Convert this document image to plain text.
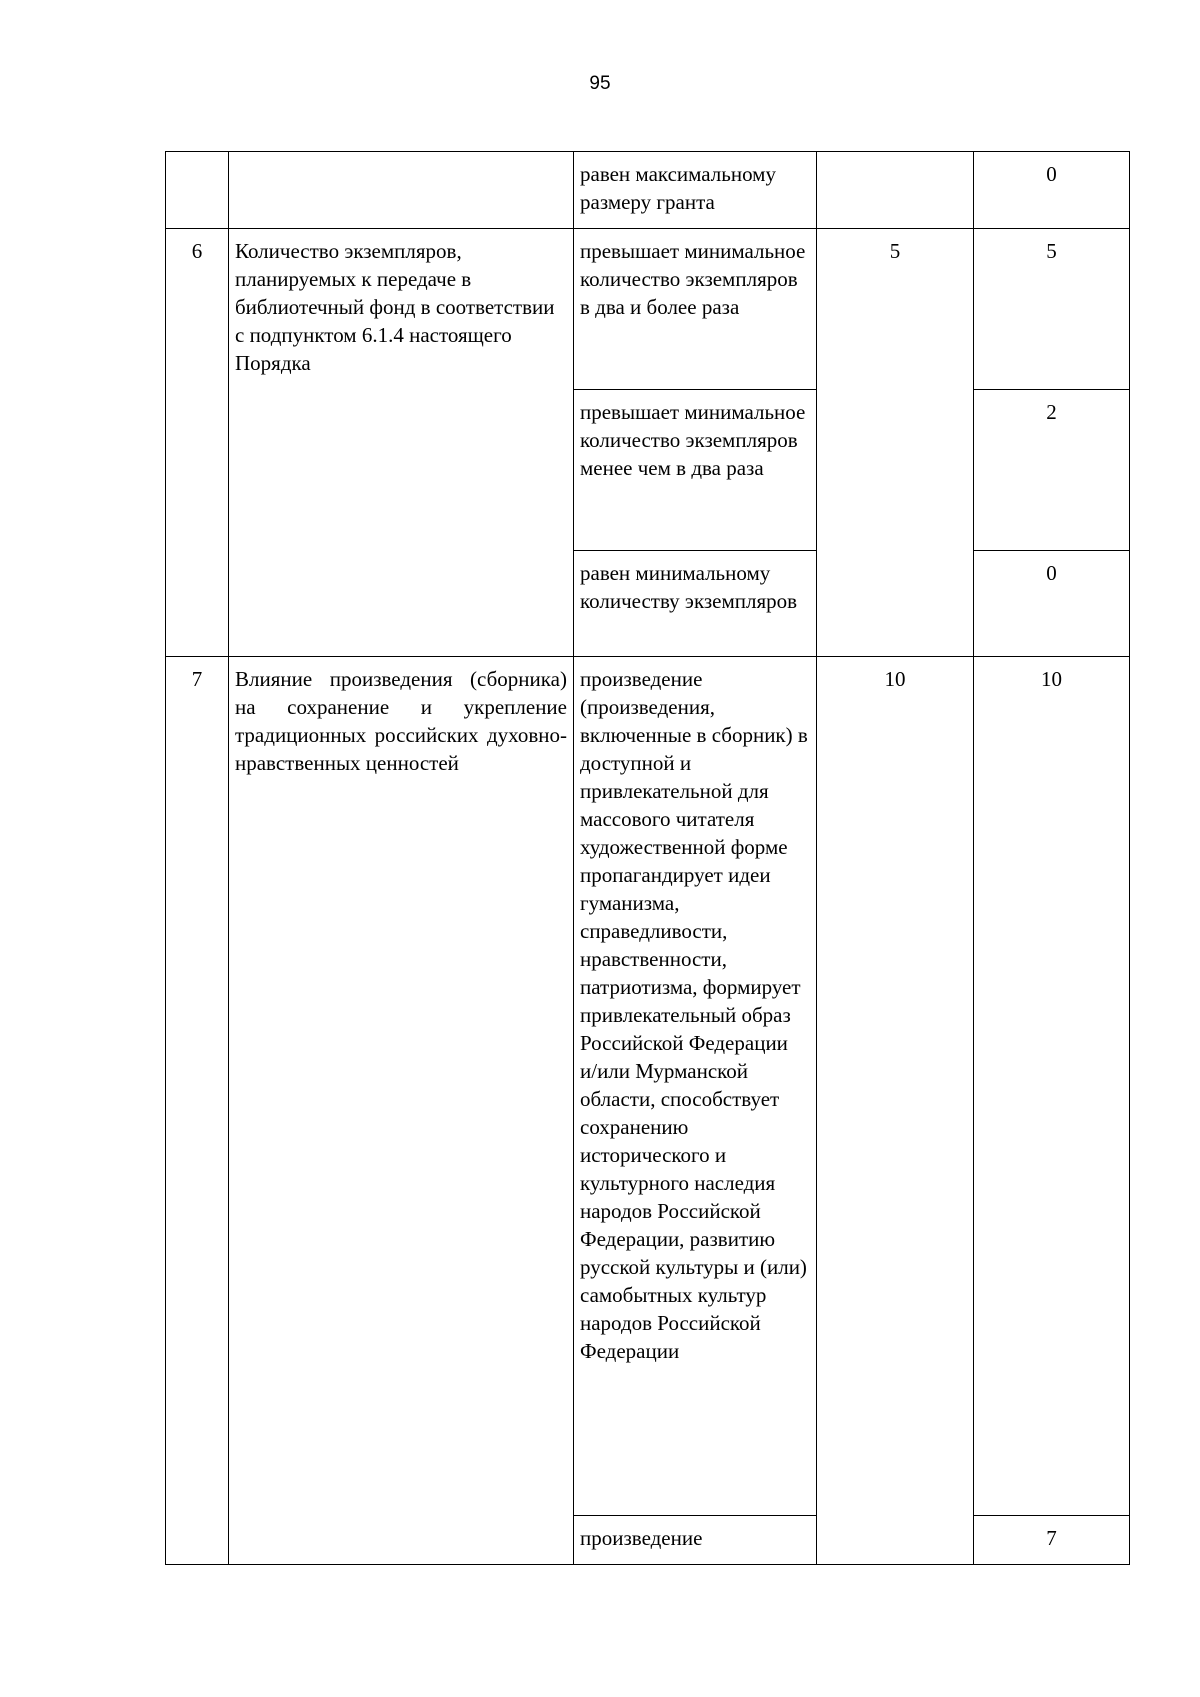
95
		равен максимальному размеру гранта		0
6	Количество экземпляров, планируемых к передаче в библиотечный фонд в соответствии с подпунктом 6.1.4 настоящего Порядка	превышает минимальное количество экземпляров в два и более раза	5	5
		превышает минимальное количество экземпляров менее чем в два раза		2
		равен минимальному количеству экземпляров		0
7	Влияние произведения (сборника) на сохранение и укрепление традиционных российских духовно-нравственных ценностей	произведение (произведения, включенные в сборник) в доступной и привлекательной для массового читателя художественной форме пропагандирует идеи гуманизма, справедливости, нравственности, патриотизма, формирует привлекательный образ Российской Федерации и/или Мурманской области, способствует сохранению исторического и культурного наследия народов Российской Федерации, развитию русской культуры и (или) самобытных культур народов Российской Федерации	10	10
		произведение		7
